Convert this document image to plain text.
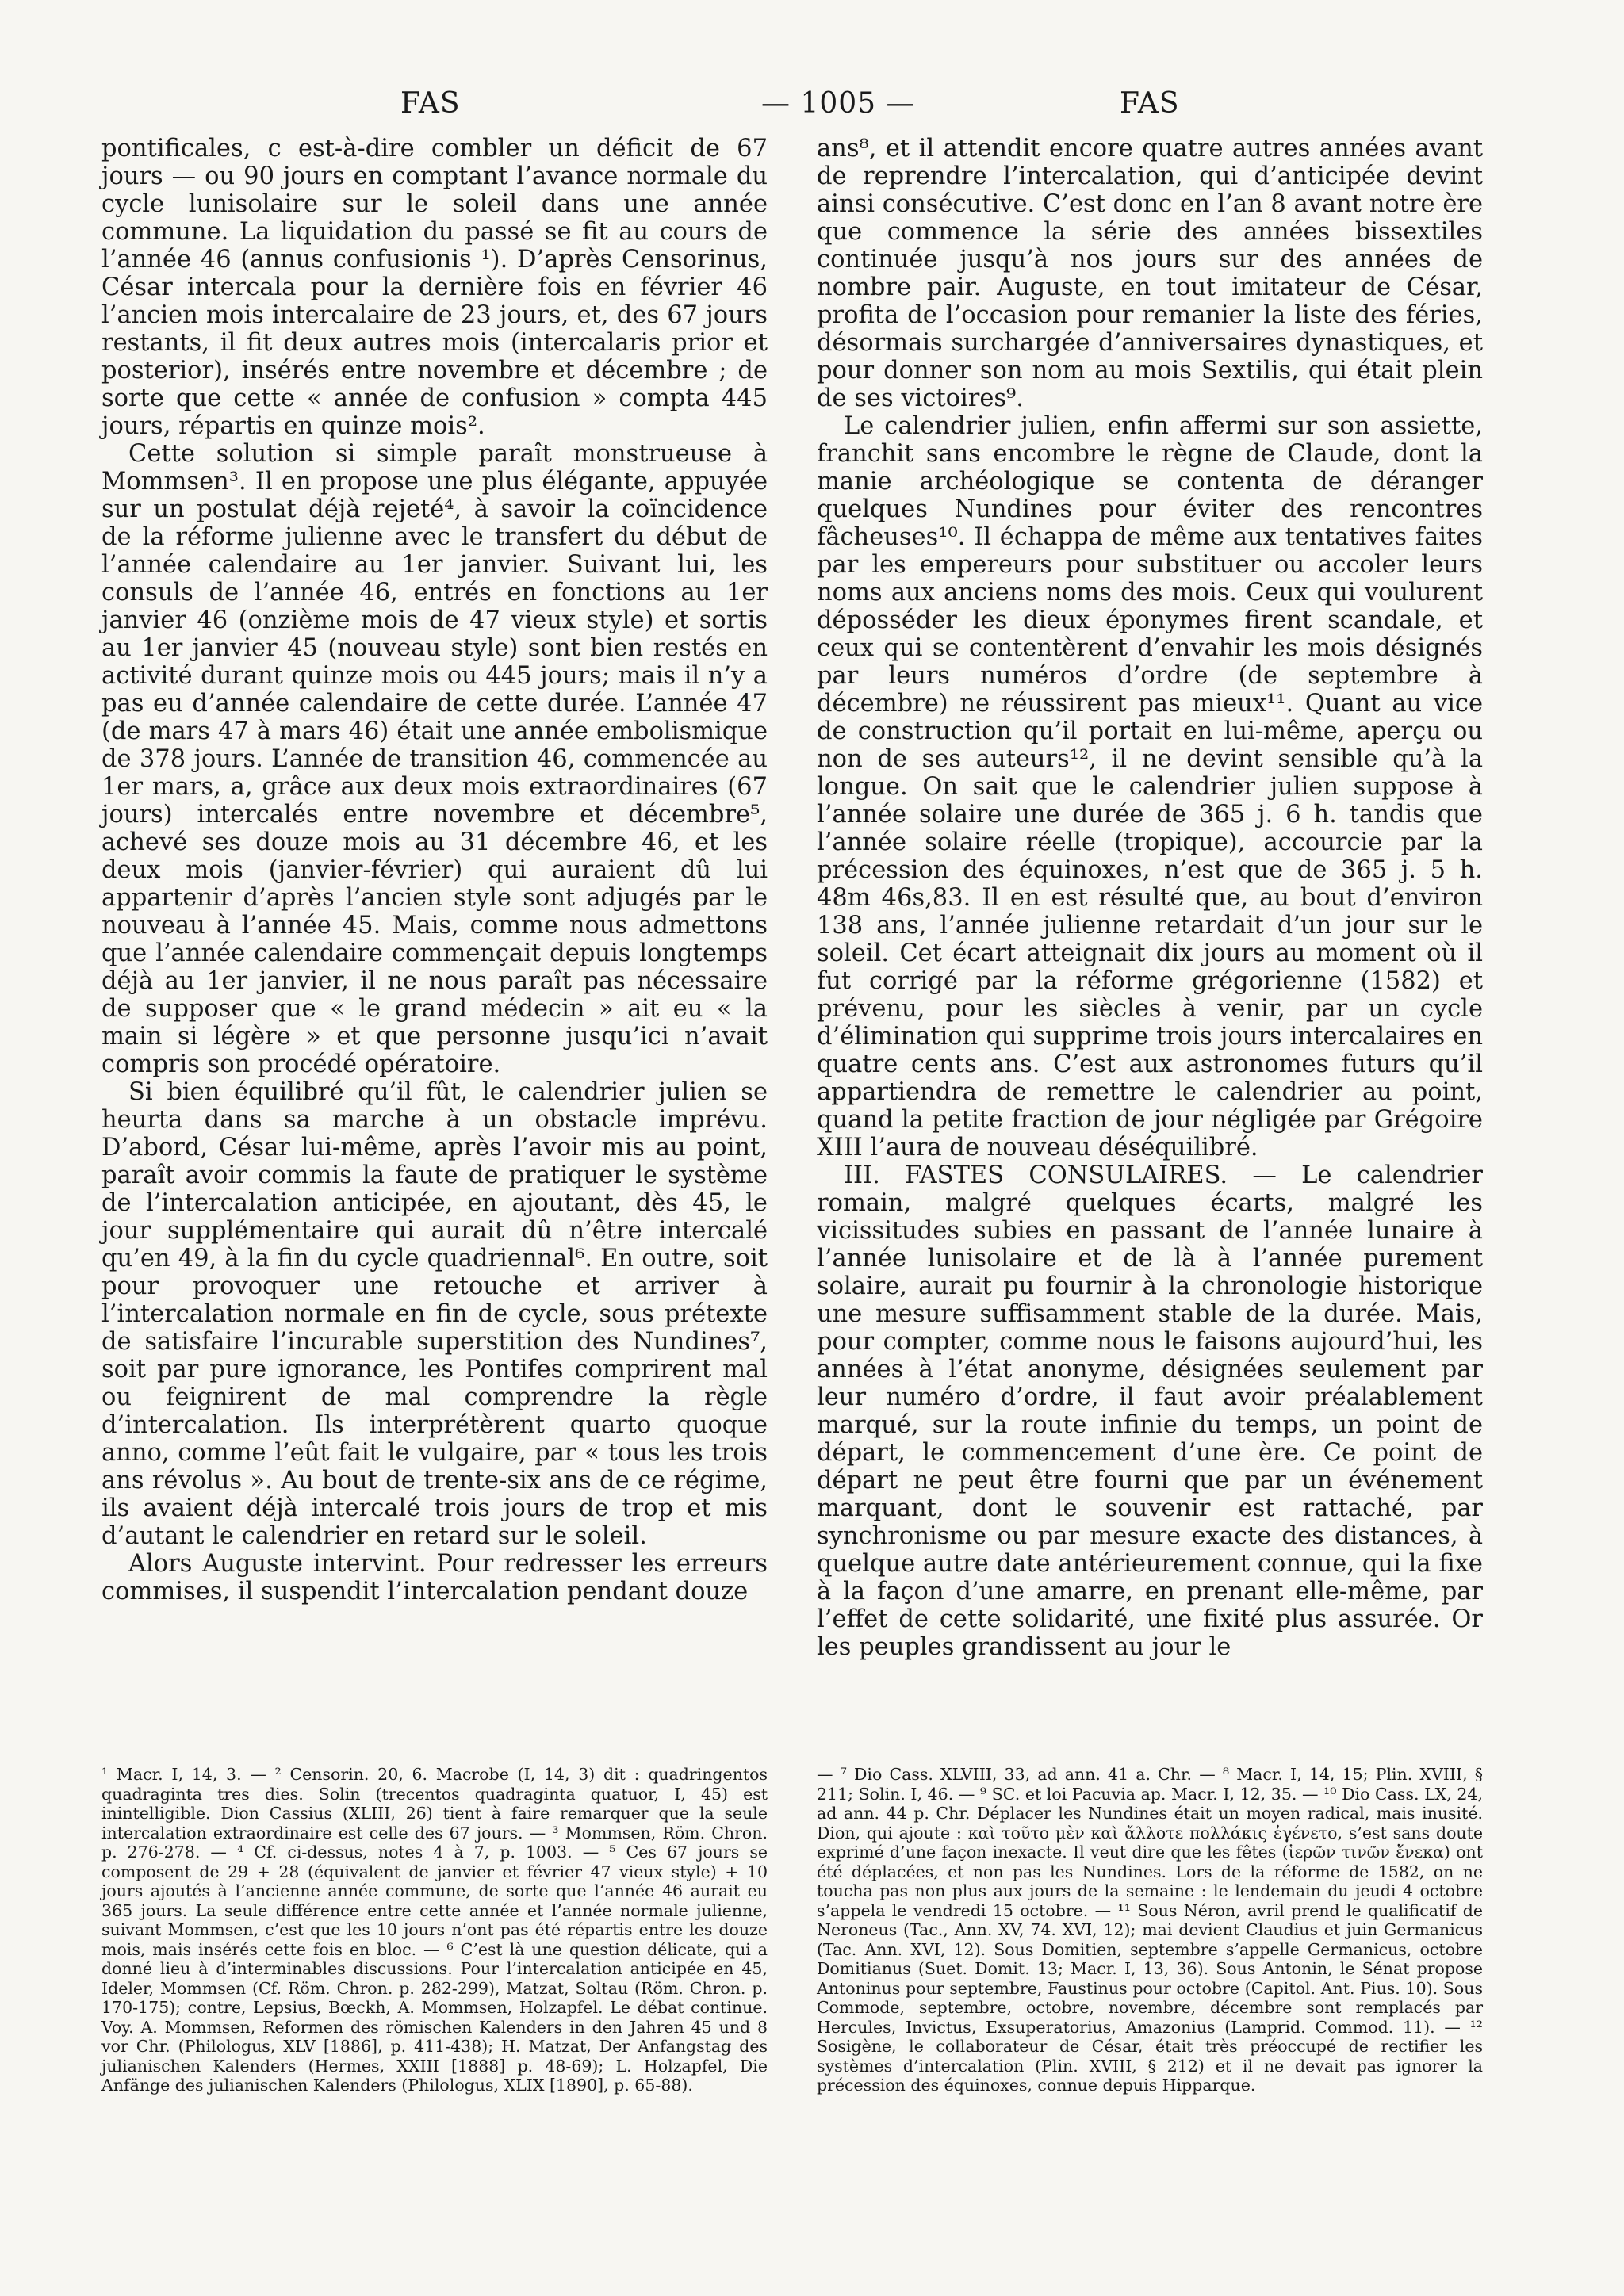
FAS	— 1005 —	FAS

pontificales, c est-à-dire combler un déficit de 67 jours — ou 90 jours en comptant l’avance normale du cycle lunisolaire sur le soleil dans une année commune. La liquidation du passé se fit au cours de l’année 46 (annus confusionis ¹). D’après Censorinus, César intercala pour la dernière fois en février 46 l’ancien mois intercalaire de 23 jours, et, des 67 jours restants, il fit deux autres mois (intercalaris prior et posterior), insérés entre novembre et décembre ; de sorte que cette « année de confusion » compta 445 jours, répartis en quinze mois².

Cette solution si simple paraît monstrueuse à Mommsen³. Il en propose une plus élégante, appuyée sur un postulat déjà rejeté⁴, à savoir la coïncidence de la réforme julienne avec le transfert du début de l’année calendaire au 1er janvier. Suivant lui, les consuls de l’année 46, entrés en fonctions au 1er janvier 46 (onzième mois de 47 vieux style) et sortis au 1er janvier 45 (nouveau style) sont bien restés en activité durant quinze mois ou 445 jours; mais il n’y a pas eu d’année calendaire de cette durée. L’année 47 (de mars 47 à mars 46) était une année embolismique de 378 jours. L’année de transition 46, commencée au 1er mars, a, grâce aux deux mois extraordinaires (67 jours) intercalés entre novembre et décembre⁵, achevé ses douze mois au 31 décembre 46, et les deux mois (janvier-février) qui auraient dû lui appartenir d’après l’ancien style sont adjugés par le nouveau à l’année 45. Mais, comme nous admettons que l’année calendaire commençait depuis longtemps déjà au 1er janvier, il ne nous paraît pas nécessaire de supposer que « le grand médecin » ait eu « la main si légère » et que personne jusqu’ici n’avait compris son procédé opératoire.

Si bien équilibré qu’il fût, le calendrier julien se heurta dans sa marche à un obstacle imprévu. D’abord, César lui-même, après l’avoir mis au point, paraît avoir commis la faute de pratiquer le système de l’intercalation anticipée, en ajoutant, dès 45, le jour supplémentaire qui aurait dû n’être intercalé qu’en 49, à la fin du cycle quadriennal⁶. En outre, soit pour provoquer une retouche et arriver à l’intercalation normale en fin de cycle, sous prétexte de satisfaire l’incurable superstition des Nundines⁷, soit par pure ignorance, les Pontifes comprirent mal ou feignirent de mal comprendre la règle d’intercalation. Ils interprétèrent quarto quoque anno, comme l’eût fait le vulgaire, par « tous les trois ans révolus ». Au bout de trente-six ans de ce régime, ils avaient déjà intercalé trois jours de trop et mis d’autant le calendrier en retard sur le soleil.

Alors Auguste intervint. Pour redresser les erreurs commises, il suspendit l’intercalation pendant douze

ans⁸, et il attendit encore quatre autres années avant de reprendre l’intercalation, qui d’anticipée devint ainsi consécutive. C’est donc en l’an 8 avant notre ère que commence la série des années bissextiles continuée jusqu’à nos jours sur des années de nombre pair. Auguste, en tout imitateur de César, profita de l’occasion pour remanier la liste des féries, désormais surchargée d’anniversaires dynastiques, et pour donner son nom au mois Sextilis, qui était plein de ses victoires⁹.

Le calendrier julien, enfin affermi sur son assiette, franchit sans encombre le règne de Claude, dont la manie archéologique se contenta de déranger quelques Nundines pour éviter des rencontres fâcheuses¹⁰. Il échappa de même aux tentatives faites par les empereurs pour substituer ou accoler leurs noms aux anciens noms des mois. Ceux qui voulurent déposséder les dieux éponymes firent scandale, et ceux qui se contentèrent d’envahir les mois désignés par leurs numéros d’ordre (de septembre à décembre) ne réussirent pas mieux¹¹. Quant au vice de construction qu’il portait en lui-même, aperçu ou non de ses auteurs¹², il ne devint sensible qu’à la longue. On sait que le calendrier julien suppose à l’année solaire une durée de 365 j. 6 h. tandis que l’année solaire réelle (tropique), accourcie par la précession des équinoxes, n’est que de 365 j. 5 h. 48m 46s,83. Il en est résulté que, au bout d’environ 138 ans, l’année julienne retardait d’un jour sur le soleil. Cet écart atteignait dix jours au moment où il fut corrigé par la réforme grégorienne (1582) et prévenu, pour les siècles à venir, par un cycle d’élimination qui supprime trois jours intercalaires en quatre cents ans. C’est aux astronomes futurs qu’il appartiendra de remettre le calendrier au point, quand la petite fraction de jour négligée par Grégoire XIII l’aura de nouveau déséquilibré.

III. FASTES CONSULAIRES. — Le calendrier romain, malgré quelques écarts, malgré les vicissitudes subies en passant de l’année lunaire à l’année lunisolaire et de là à l’année purement solaire, aurait pu fournir à la chronologie historique une mesure suffisamment stable de la durée. Mais, pour compter, comme nous le faisons aujourd’hui, les années à l’état anonyme, désignées seulement par leur numéro d’ordre, il faut avoir préalablement marqué, sur la route infinie du temps, un point de départ, le commencement d’une ère. Ce point de départ ne peut être fourni que par un événement marquant, dont le souvenir est rattaché, par synchronisme ou par mesure exacte des distances, à quelque autre date antérieurement connue, qui la fixe à la façon d’une amarre, en prenant elle-même, par l’effet de cette solidarité, une fixité plus assurée. Or les peuples grandissent au jour le

¹ Macr. I, 14, 3. — ² Censorin. 20, 6. Macrobe (I, 14, 3) dit : quadringentos quadraginta tres dies. Solin (trecentos quadraginta quatuor, I, 45) est inintelligible. Dion Cassius (XLIII, 26) tient à faire remarquer que la seule intercalation extraordinaire est celle des 67 jours. — ³ Mommsen, Röm. Chron. p. 276-278. — ⁴ Cf. ci-dessus, notes 4 à 7, p. 1003. — ⁵ Ces 67 jours se composent de 29 + 28 (équivalent de janvier et février 47 vieux style) + 10 jours ajoutés à l’ancienne année commune, de sorte que l’année 46 aurait eu 365 jours. La seule différence entre cette année et l’année normale julienne, suivant Mommsen, c’est que les 10 jours n’ont pas été répartis entre les douze mois, mais insérés cette fois en bloc. — ⁶ C’est là une question délicate, qui a donné lieu à d’interminables discussions. Pour l’intercalation anticipée en 45, Ideler, Mommsen (Cf. Röm. Chron. p. 282-299), Matzat, Soltau (Röm. Chron. p. 170-175); contre, Lepsius, Bœckh, A. Mommsen, Holzapfel. Le débat continue. Voy. A. Mommsen, Reformen des römischen Kalenders in den Jahren 45 und 8 vor Chr. (Philologus, XLV [1886], p. 411-438); H. Matzat, Der Anfangstag des julianischen Kalenders (Hermes, XXIII [1888] p. 48-69); L. Holzapfel, Die Anfänge des julianischen Kalenders (Philologus, XLIX [1890], p. 65-88).

— ⁷ Dio Cass. XLVIII, 33, ad ann. 41 a. Chr. — ⁸ Macr. I, 14, 15; Plin. XVIII, § 211; Solin. I, 46. — ⁹ SC. et loi Pacuvia ap. Macr. I, 12, 35. — ¹⁰ Dio Cass. LX, 24, ad ann. 44 p. Chr. Déplacer les Nundines était un moyen radical, mais inusité. Dion, qui ajoute : καὶ τοῦτο μὲν καὶ ἄλλοτε πολλάκις ἐγένετο, s’est sans doute exprimé d’une façon inexacte. Il veut dire que les fêtes (ἱερῶν τινῶν ἕνεκα) ont été déplacées, et non pas les Nundines. Lors de la réforme de 1582, on ne toucha pas non plus aux jours de la semaine : le lendemain du jeudi 4 octobre s’appela le vendredi 15 octobre. — ¹¹ Sous Néron, avril prend le qualificatif de Neroneus (Tac., Ann. XV, 74. XVI, 12); mai devient Claudius et juin Germanicus (Tac. Ann. XVI, 12). Sous Domitien, septembre s’appelle Germanicus, octobre Domitianus (Suet. Domit. 13; Macr. I, 13, 36). Sous Antonin, le Sénat propose Antoninus pour septembre, Faustinus pour octobre (Capitol. Ant. Pius. 10). Sous Commode, septembre, octobre, novembre, décembre sont remplacés par Hercules, Invictus, Exsuperatorius, Amazonius (Lamprid. Commod. 11). — ¹² Sosigène, le collaborateur de César, était très préoccupé de rectifier les systèmes d’intercalation (Plin. XVIII, § 212) et il ne devait pas ignorer la précession des équinoxes, connue depuis Hipparque.
